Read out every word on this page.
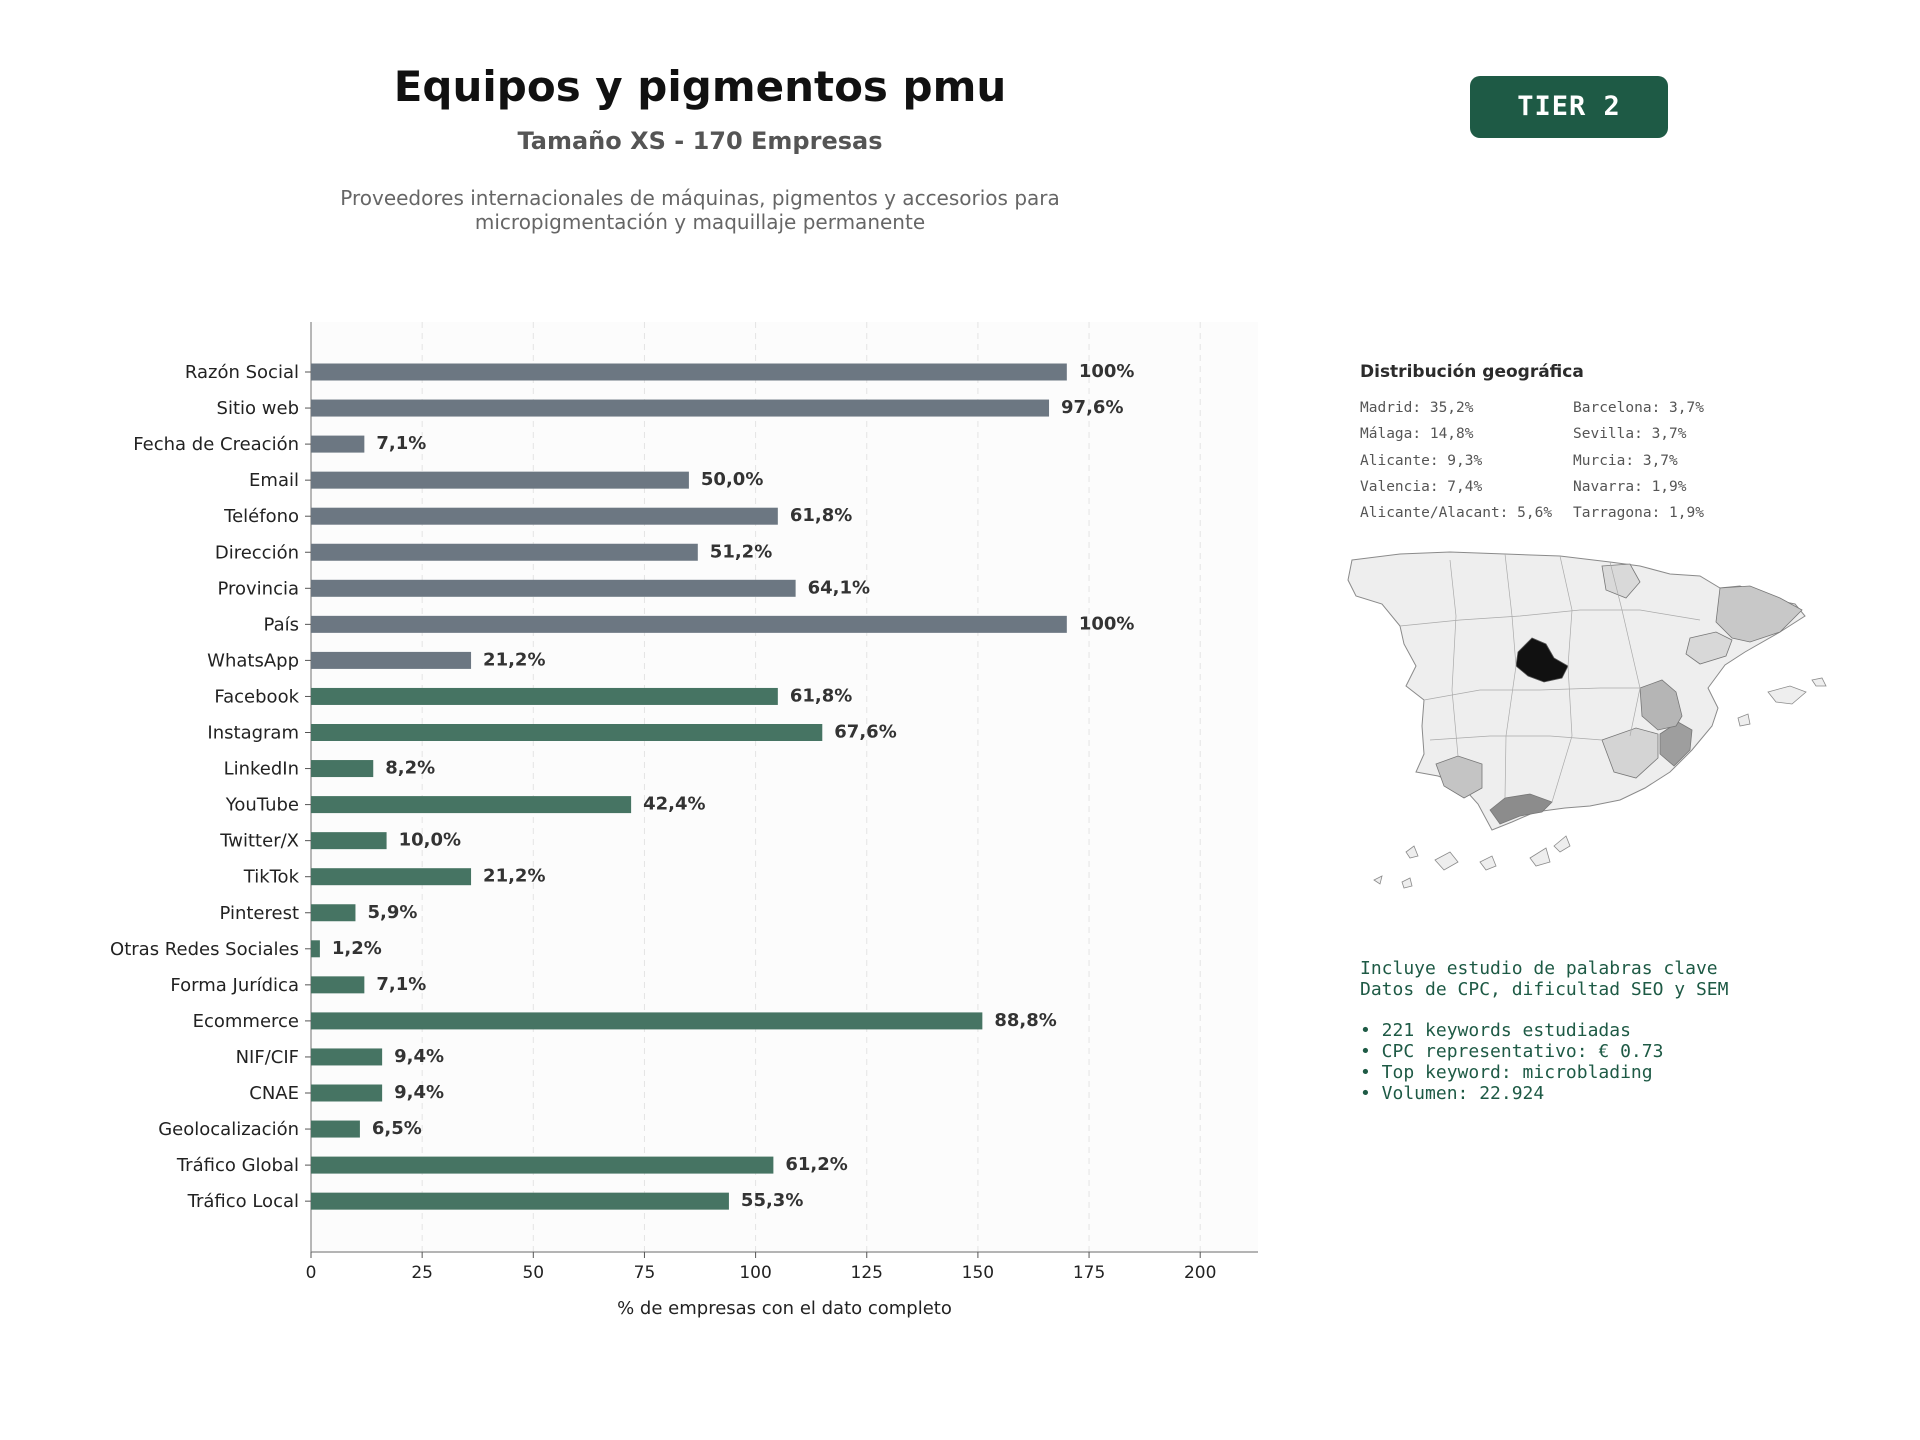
Equipos y pigmentos pmu
Tamaño XS - 170 Empresas
Proveedores internacionales de máquinas, pigmentos y accesorios para
micropigmentación y maquillaje permanente
TIER 2
0	25	50	75	100	125	150	175	200
Razón Social	100%
Sitio web	97,6%
Fecha de Creación	7,1%
Email	50,0%
Teléfono	61,8%
Dirección	51,2%
Provincia	64,1%
País	100%
WhatsApp	21,2%
Facebook	61,8%
Instagram	67,6%
LinkedIn	8,2%
YouTube	42,4%
Twitter/X	10,0%
TikTok	21,2%
Pinterest	5,9%
Otras Redes Sociales 1,2%
Forma Jurídica	7,1%
Ecommerce	88,8%
NIF/CIF	9,4%
CNAE	9,4%
Geolocalización	6,5%
Tráfico Global	61,2%
Tráfico Local	55,3%
% de empresas con el dato completo
Distribución geográfica
Madrid: 35,2%
Málaga: 14,8%
Alicante: 9,3%
Valencia: 7,4%
Alicante/Alacant: 5,6%
Barcelona: 3,7%
Sevilla: 3,7%
Murcia: 3,7%
Navarra: 1,9%
Tarragona: 1,9%
Incluye estudio de palabras clave
Datos de CPC, dificultad SEO y SEM
• 221 keywords estudiadas
• CPC representativo: € 0.73
• Top keyword: microblading
• Volumen: 22.924
